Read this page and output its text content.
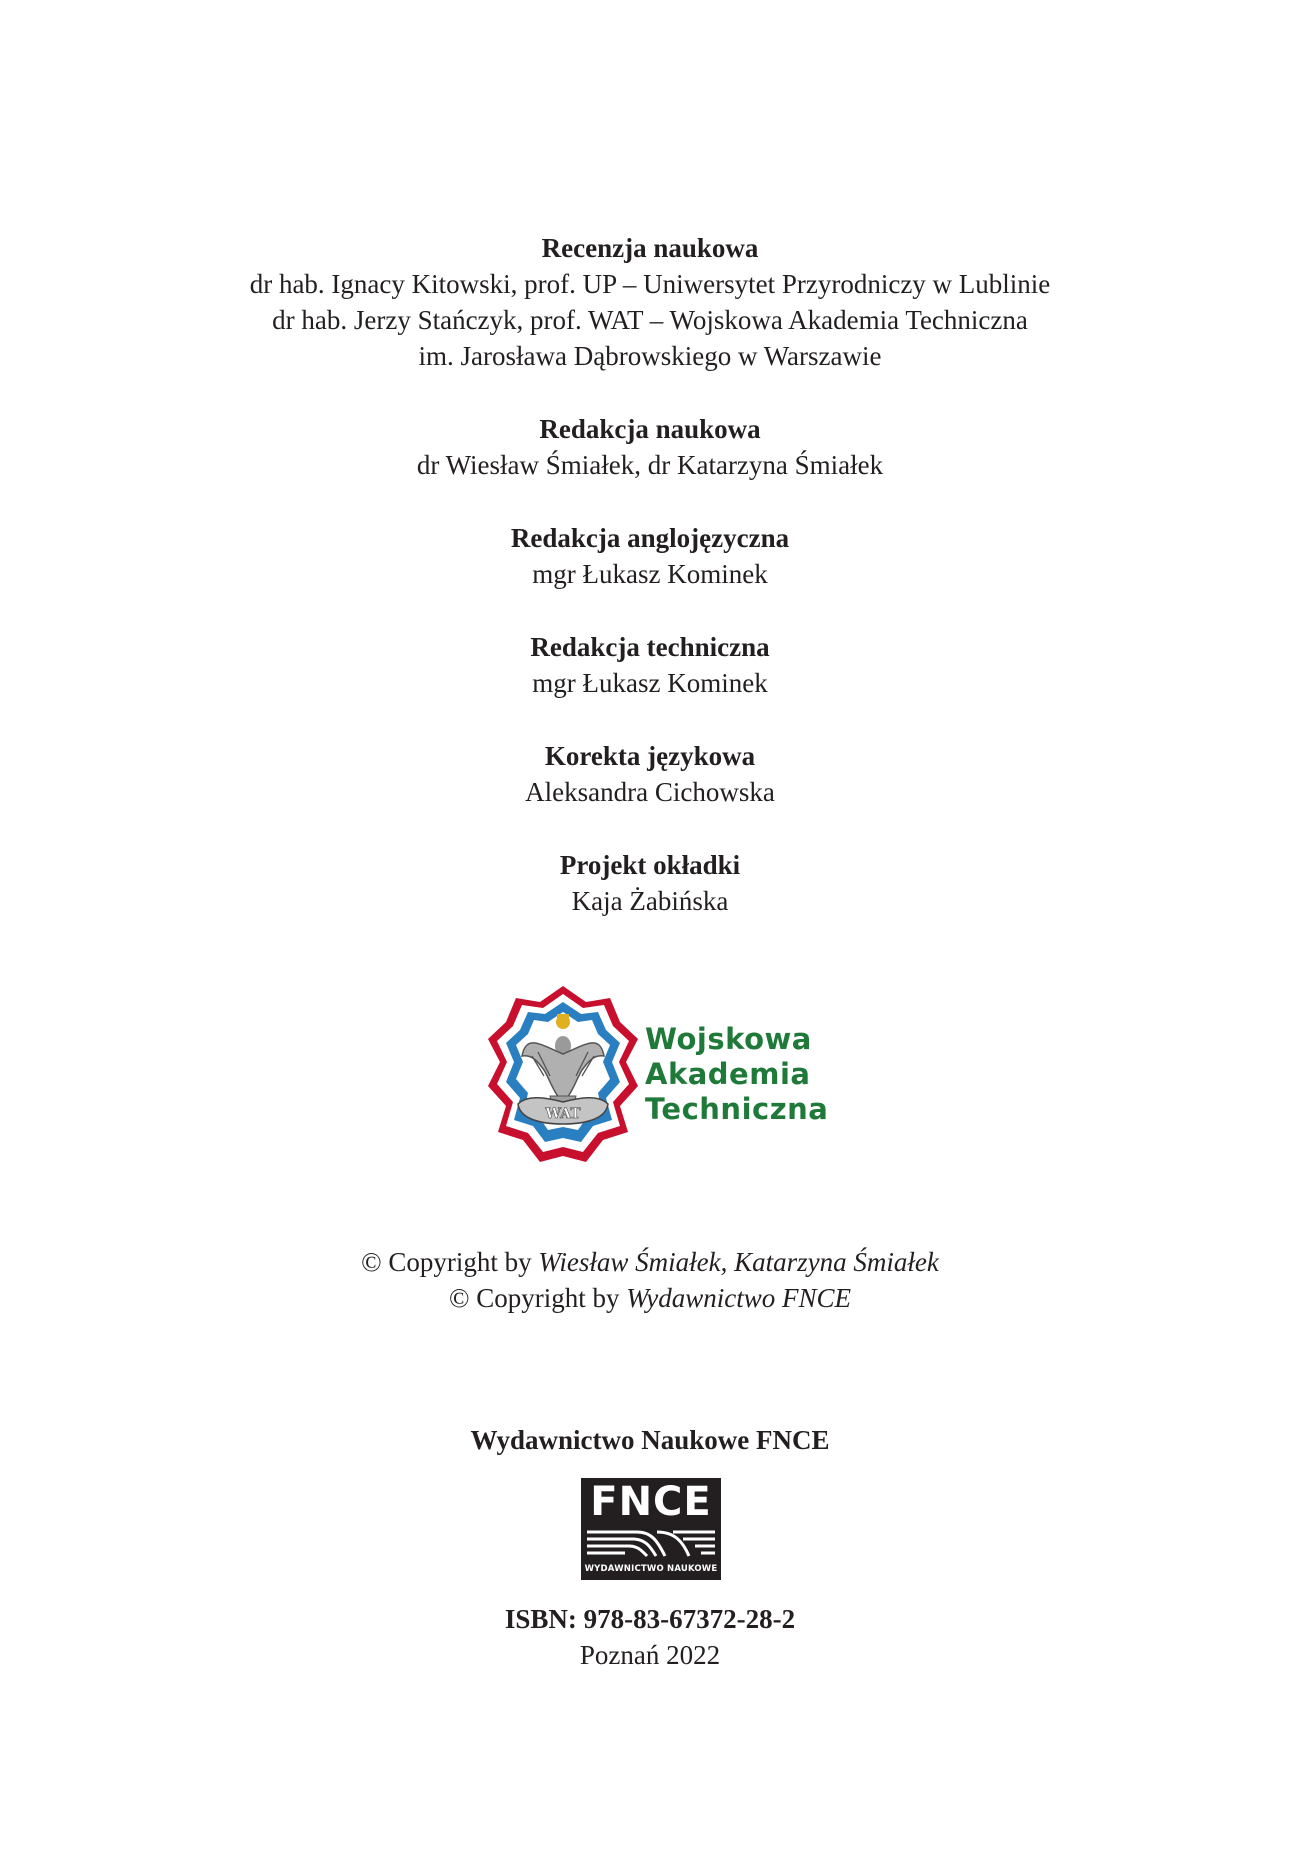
Recenzja naukowa
dr hab. Ignacy Kitowski, prof. UP – Uniwersytet Przyrodniczy w Lublinie
dr hab. Jerzy Stańczyk, prof. WAT – Wojskowa Akademia Techniczna
im. Jarosława Dąbrowskiego w Warszawie
Redakcja naukowa
dr Wiesław Śmiałek, dr Katarzyna Śmiałek
Redakcja anglojęzyczna
mgr Łukasz Kominek
Redakcja techniczna
mgr Łukasz Kominek
Korekta językowa
Aleksandra Cichowska
Projekt okładki
Kaja Żabińska
WAT
Wojskowa
Akademia
Techniczna
© Copyright by Wiesław Śmiałek, Katarzyna Śmiałek
© Copyright by Wydawnictwo FNCE
Wydawnictwo Naukowe FNCE
FNCE
WYDAWNICTWO NAUKOWE
ISBN: 978-83-67372-28-2
Poznań 2022
